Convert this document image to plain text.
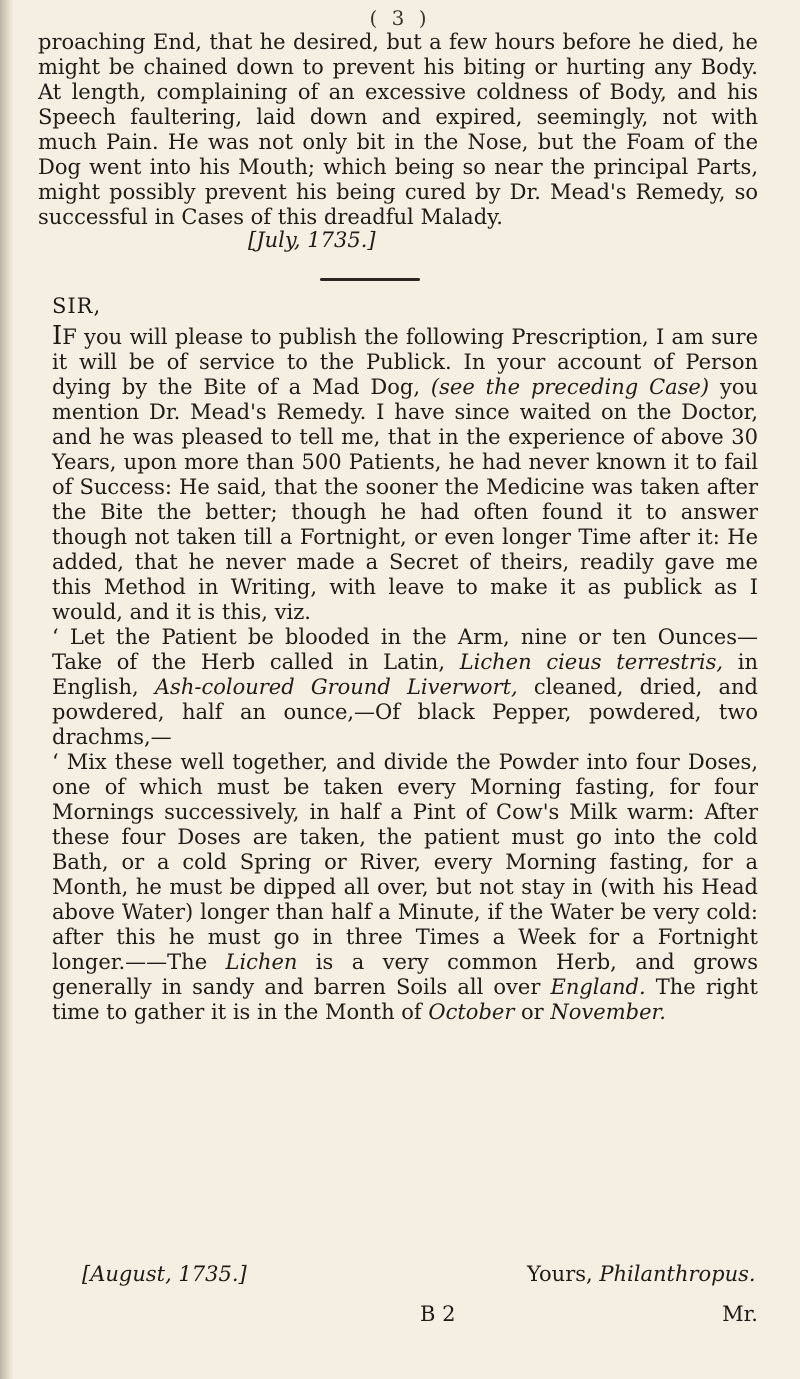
( 3 )
proaching End, that he desired, but a few hours before he died, he might be chained down to prevent his biting or hurting any Body. At length, complaining of an excessive coldness of Body, and his Speech faultering, laid down and expired, seemingly, not with much Pain. He was not only bit in the Nose, but the Foam of the Dog went into his Mouth; which being so near the principal Parts, might possibly prevent his being cured by Dr. Mead's Remedy, so successful in Cases of this dreadful Malady.
[July, 1735.]
SIR,

IF you will please to publish the following Prescription, I am sure it will be of service to the Publick. In your account of Person dying by the Bite of a Mad Dog, (see the preceding Case) you mention Dr. Mead's Remedy. I have since waited on the Doctor, and he was pleased to tell me, that in the experience of above 30 Years, upon more than 500 Patients, he had never known it to fail of Success: He said, that the sooner the Medicine was taken after the Bite the better; though he had often found it to answer though not taken till a Fortnight, or even longer Time after it: He added, that he never made a Secret of theirs, readily gave me this Method in Writing, with leave to make it as publick as I would, and it is this, viz.

‘ Let the Patient be blooded in the Arm, nine or ten Ounces— Take of the Herb called in Latin, Lichen cieus terrestris, in English, Ash-coloured Ground Liverwort, cleaned, dried, and powdered, half an ounce,—Of black Pepper, powdered, two drachms,—

‘ Mix these well together, and divide the Powder into four Doses, one of which must be taken every Morning fasting, for four Mornings successively, in half a Pint of Cow's Milk warm: After these four Doses are taken, the patient must go into the cold Bath, or a cold Spring or River, every Morning fasting, for a Month, he must be dipped all over, but not stay in (with his Head above Water) longer than half a Minute, if the Water be very cold: after this he must go in three Times a Week for a Fortnight longer.——The Lichen is a very common Herb, and grows generally in sandy and barren Soils all over England. The right time to gather it is in the Month of October or November.

[August, 1735.]	Yours, Philanthropus.
B 2	Mr.
